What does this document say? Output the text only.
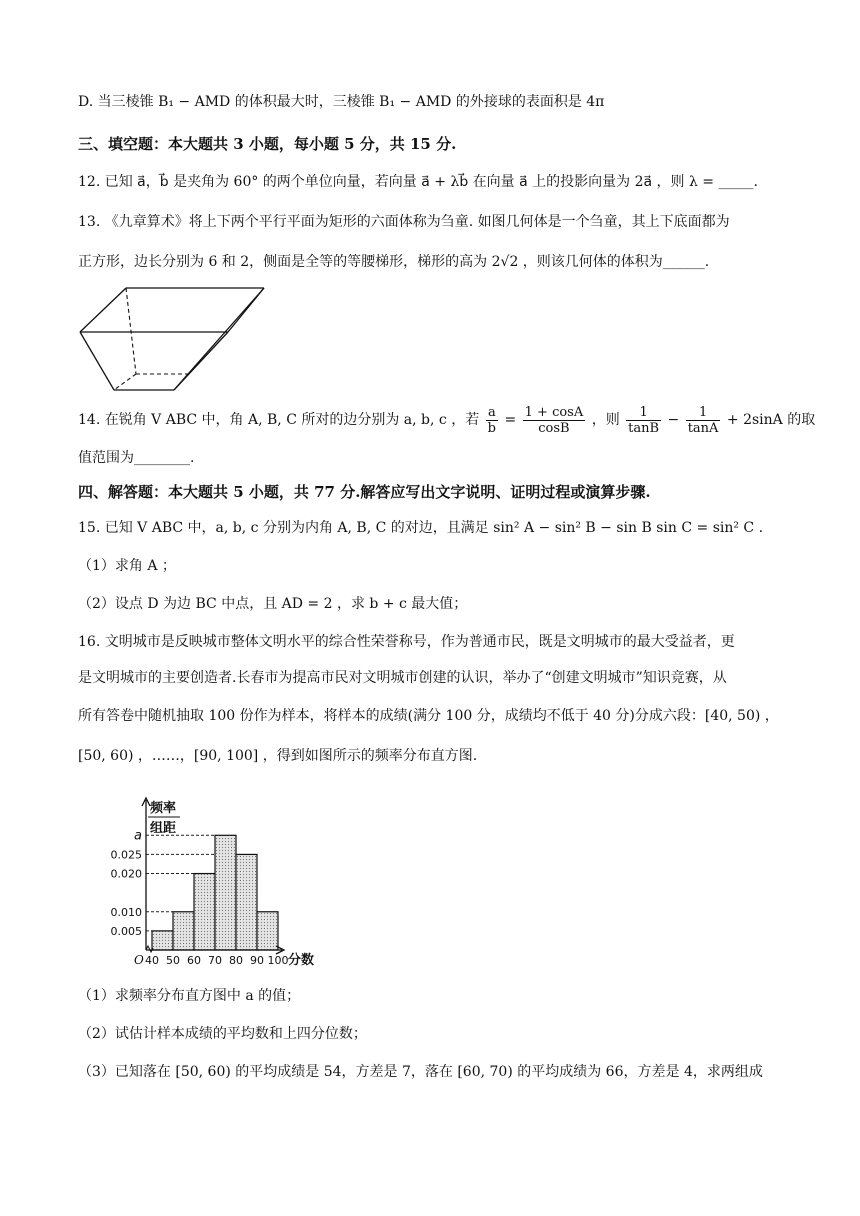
D. 当三棱锥 B₁ − AMD 的体积最大时，三棱锥 B₁ − AMD 的外接球的表面积是 4π
三、填空题：本大题共 3 小题，每小题 5 分，共 15 分.
12. 已知 a⃗，b⃗ 是夹角为 60° 的两个单位向量，若向量 a⃗ + λb⃗ 在向量 a⃗ 上的投影向量为 2a⃗ ，则 λ = _____.
13. 《九章算术》将上下两个平行平面为矩形的六面体称为刍童. 如图几何体是一个刍童，其上下底面都为
正方形，边长分别为 6 和 2，侧面是全等的等腰梯形，梯形的高为 2√2 ，则该几何体的体积为______.
14. 在锐角 V ABC 中，角 A, B, C 所对的边分别为 a, b, c ，若 $\frac{a}{b} = \frac{1 + \cos A}{\cos B}$ ，则 $\frac{1}{\tan B} - \frac{1}{\tan A} + 2\sin A$ 的取
值范围为________.
四、解答题：本大题共 5 小题，共 77 分.解答应写出文字说明、证明过程或演算步骤.
15. 已知 V ABC 中，a, b, c 分别为内角 A, B, C 的对边，且满足 sin² A − sin² B − sin B sin C = sin² C .
（1）求角 A ；
（2）设点 D 为边 BC 中点，且 AD = 2 ，求 b + c 最大值；
16. 文明城市是反映城市整体文明水平的综合性荣誉称号，作为普通市民，既是文明城市的最大受益者，更
是文明城市的主要创造者.长春市为提高市民对文明城市创建的认识，举办了“创建文明城市”知识竞赛，从
所有答卷中随机抽取 100 份作为样本，将样本的成绩(满分 100 分，成绩均不低于 40 分)分成六段：[40, 50) ，
[50, 60) ，……，[90, 100] ，得到如图所示的频率分布直方图.
0.005
0.010
0.020
0.025
a
40 50 60 70 80 90 100
O
频率
组距
分数
（1）求频率分布直方图中 a 的值；
（2）试估计样本成绩的平均数和上四分位数；
（3）已知落在 [50, 60) 的平均成绩是 54，方差是 7，落在 [60, 70) 的平均成绩为 66，方差是 4，求两组成
